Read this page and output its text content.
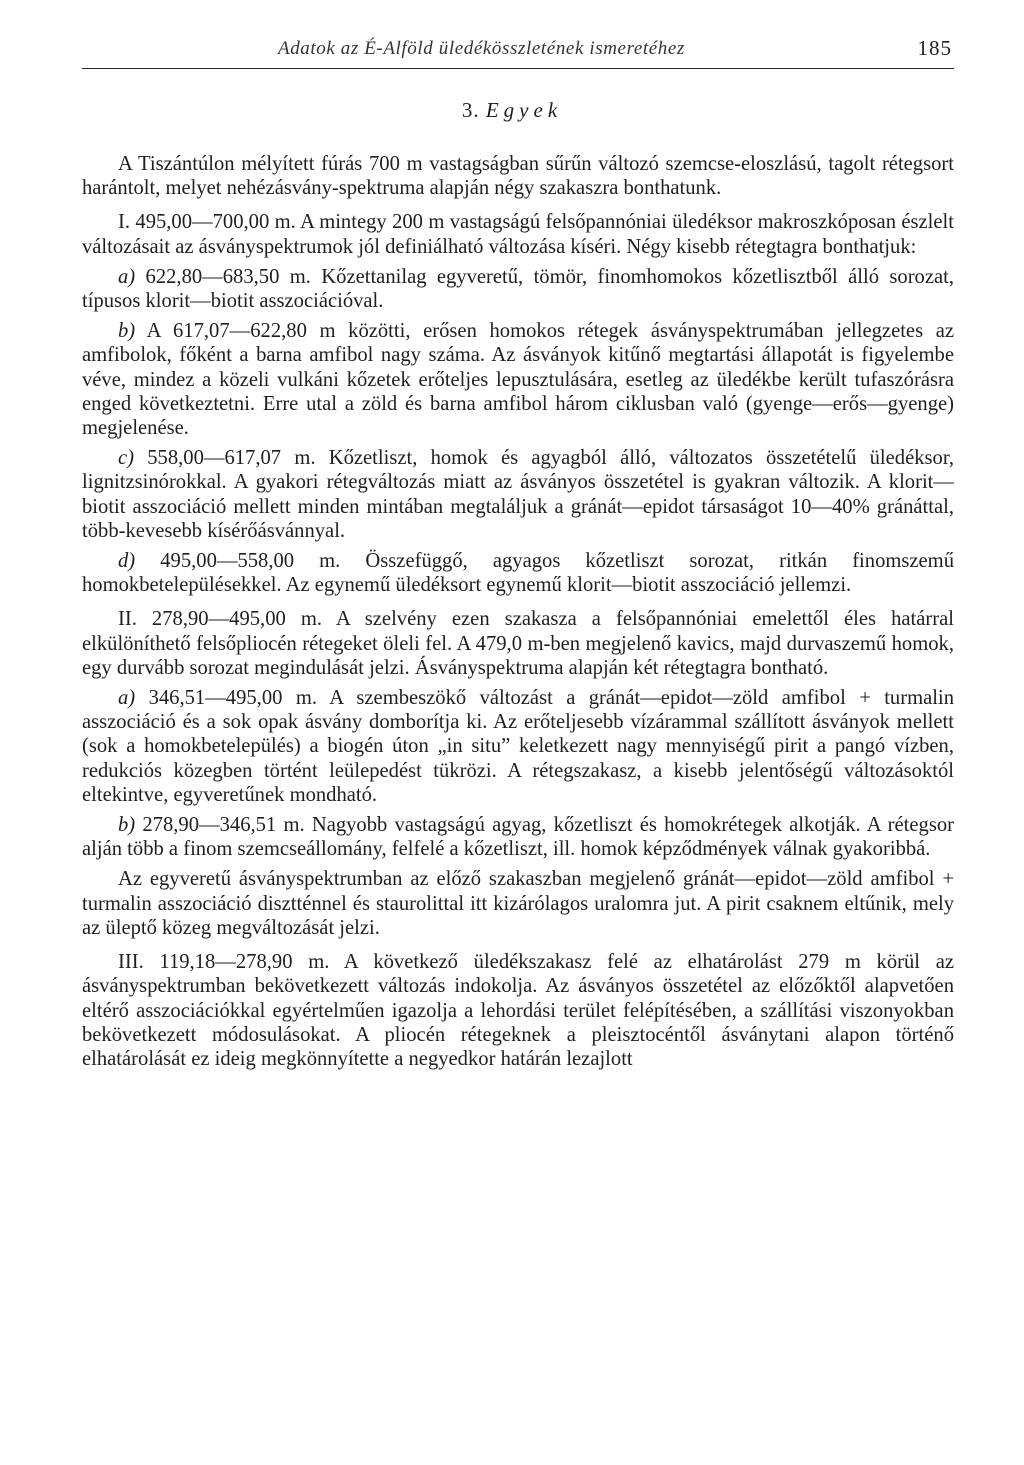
Adatok az É-Alföld üledékösszletének ismeretéhez	185
3. Egyek

A Tiszántúlon mélyített fúrás 700 m vastagságban sűrűn változó szemcse-eloszlású, tagolt rétegsort harántolt, melyet nehézásvány-spektruma alapján négy szakaszra bonthatunk.

I. 495,00—700,00 m. A mintegy 200 m vastagságú felsőpannóniai üledéksor makroszkóposan észlelt változásait az ásványspektrumok jól definiálható változása kíséri. Négy kisebb rétegtagra bonthatjuk:

a) 622,80—683,50 m. Kőzettanilag egyveretű, tömör, finomhomokos kőzetlisztből álló sorozat, típusos klorit—biotit asszociációval.

b) A 617,07—622,80 m közötti, erősen homokos rétegek ásványspektrumában jellegzetes az amfibolok, főként a barna amfibol nagy száma. Az ásványok kitűnő megtartási állapotát is figyelembe véve, mindez a közeli vulkáni kőzetek erőteljes lepusztulására, esetleg az üledékbe került tufaszórásra enged következtetni. Erre utal a zöld és barna amfibol három ciklusban való (gyenge—erős—gyenge) megjelenése.

c) 558,00—617,07 m. Kőzetliszt, homok és agyagból álló, változatos összetételű üledéksor, lignitzsinórokkal. A gyakori rétegváltozás miatt az ásványos összetétel is gyakran változik. A klorit—biotit asszociáció mellett minden mintában megtaláljuk a gránát—epidot társaságot 10—40% gránáttal, több-kevesebb kísérőásvánnyal.

d) 495,00—558,00 m. Összefüggő, agyagos kőzetliszt sorozat, ritkán finomszemű homokbetelepülésekkel. Az egynemű üledéksort egynemű klorit—biotit asszociáció jellemzi.

II. 278,90—495,00 m. A szelvény ezen szakasza a felsőpannóniai emelettől éles határral elkülöníthető felsőpliocén rétegeket öleli fel. A 479,0 m-ben megjelenő kavics, majd durvaszemű homok, egy durvább sorozat megindulását jelzi. Ásványspektruma alapján két rétegtagra bontható.

a) 346,51—495,00 m. A szembeszökő változást a gránát—epidot—zöld amfibol + turmalin asszociáció és a sok opak ásvány domborítja ki. Az erőteljesebb vízárammal szállított ásványok mellett (sok a homokbetelepülés) a biogén úton „in situ” keletkezett nagy mennyiségű pirit a pangó vízben, redukciós közegben történt leülepedést tükrözi. A rétegszakasz, a kisebb jelentőségű változásoktól eltekintve, egyveretűnek mondható.

b) 278,90—346,51 m. Nagyobb vastagságú agyag, kőzetliszt és homokrétegek alkotják. A rétegsor alján több a finom szemcseállomány, felfelé a kőzetliszt, ill. homok képződmények válnak gyakoribbá.

Az egyveretű ásványspektrumban az előző szakaszban megjelenő gránát—epidot—zöld amfibol + turmalin asszociáció disztténnel és staurolittal itt kizárólagos uralomra jut. A pirit csaknem eltűnik, mely az üleptő közeg megváltozását jelzi.

III. 119,18—278,90 m. A következő üledékszakasz felé az elhatárolást 279 m körül az ásványspektrumban bekövetkezett változás indokolja. Az ásványos összetétel az előzőktől alapvetően eltérő asszociációkkal egyértelműen igazolja a lehordási terület felépítésében, a szállítási viszonyokban bekövetkezett módosulásokat. A pliocén rétegeknek a pleisztocéntől ásványtani alapon történő elhatárolását ez ideig megkönnyítette a negyedkor határán lezajlott
